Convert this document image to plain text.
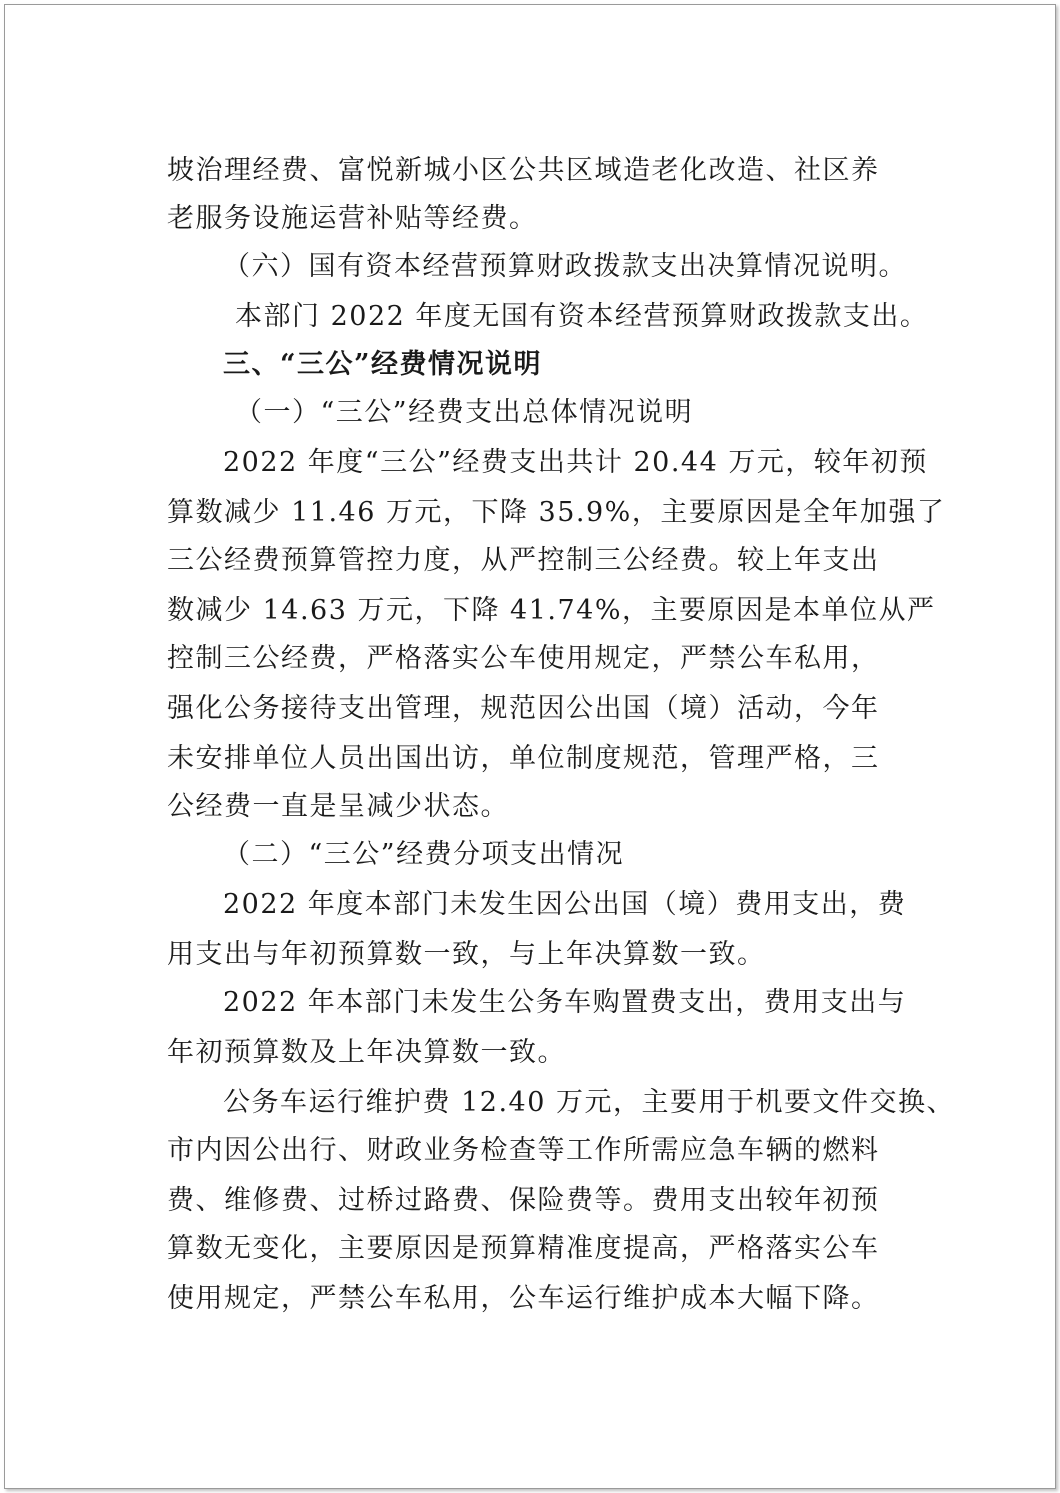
坡治理经费、富悦新城小区公共区域造老化改造、社区养
老服务设施运营补贴等经费。
（六）国有资本经营预算财政拨款支出决算情况说明。
本部门 2022 年度无国有资本经营预算财政拨款支出。
三、“三公”经费情况说明
（一）“三公”经费支出总体情况说明
2022 年度“三公”经费支出共计 20.44 万元，较年初预
算数减少 11.46 万元，下降 35.9%，主要原因是全年加强了
三公经费预算管控力度，从严控制三公经费。较上年支出
数减少 14.63 万元，下降 41.74%，主要原因是本单位从严
控制三公经费，严格落实公车使用规定，严禁公车私用，
强化公务接待支出管理，规范因公出国（境）活动，今年
未安排单位人员出国出访，单位制度规范，管理严格，三
公经费一直是呈减少状态。
（二）“三公”经费分项支出情况
2022 年度本部门未发生因公出国（境）费用支出，费
用支出与年初预算数一致，与上年决算数一致。
2022 年本部门未发生公务车购置费支出，费用支出与
年初预算数及上年决算数一致。
公务车运行维护费 12.40 万元，主要用于机要文件交换、
市内因公出行、财政业务检查等工作所需应急车辆的燃料
费、维修费、过桥过路费、保险费等。费用支出较年初预
算数无变化，主要原因是预算精准度提高，严格落实公车
使用规定，严禁公车私用，公车运行维护成本大幅下降。
